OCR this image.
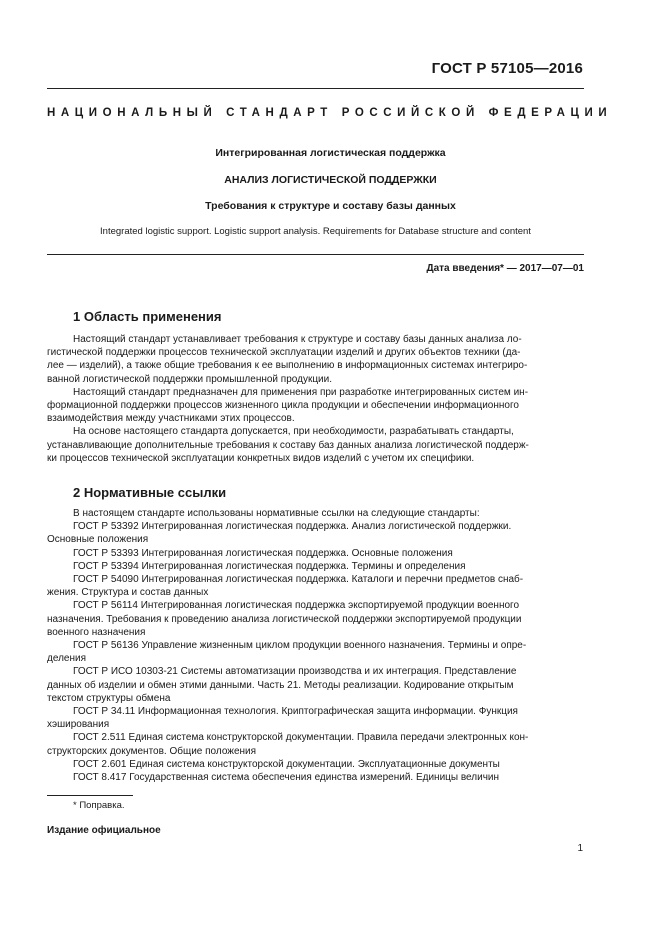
ГОСТ Р 57105—2016
НАЦИОНАЛЬНЫЙ СТАНДАРТ РОССИЙСКОЙ ФЕДЕРАЦИИ
Интегрированная логистическая поддержка
АНАЛИЗ ЛОГИСТИЧЕСКОЙ ПОДДЕРЖКИ
Требования к структуре и составу базы данных
Integrated logistic support. Logistic support analysis. Requirements for Database structure and content
Дата введения* — 2017—07—01
1 Область применения
Настоящий стандарт устанавливает требования к структуре и составу базы данных анализа ло-
гистической поддержки процессов технической эксплуатации изделий и других объектов техники (да-
лее — изделий), а также общие требования к ее выполнению в информационных системах интегриро-
ванной логистической поддержки промышленной продукции.
Настоящий стандарт предназначен для применения при разработке интегрированных систем ин-
формационной поддержки процессов жизненного цикла продукции и обеспечении информационного
взаимодействия между участниками этих процессов.
На основе настоящего стандарта допускается, при необходимости, разрабатывать стандарты,
устанавливающие дополнительные требования к составу баз данных анализа логистической поддерж-
ки процессов технической эксплуатации конкретных видов изделий с учетом их специфики.
2 Нормативные ссылки
В настоящем стандарте использованы нормативные ссылки на следующие стандарты:
ГОСТ Р 53392 Интегрированная логистическая поддержка. Анализ логистической поддержки.
Основные положения
ГОСТ Р 53393 Интегрированная логистическая поддержка. Основные положения
ГОСТ Р 53394 Интегрированная логистическая поддержка. Термины и определения
ГОСТ Р 54090 Интегрированная логистическая поддержка. Каталоги и перечни предметов снаб-
жения. Структура и состав данных
ГОСТ Р 56114 Интегрированная логистическая поддержка экспортируемой продукции военного
назначения. Требования к проведению анализа логистической поддержки экспортируемой продукции
военного назначения
ГОСТ Р 56136 Управление жизненным циклом продукции военного назначения. Термины и опре-
деления
ГОСТ Р ИСО 10303-21 Системы автоматизации производства и их интеграция. Представление
данных об изделии и обмен этими данными. Часть 21. Методы реализации. Кодирование открытым
текстом структуры обмена
ГОСТ Р 34.11 Информационная технология. Криптографическая защита информации. Функция
хэширования
ГОСТ 2.511 Единая система конструкторской документации. Правила передачи электронных кон-
структорских документов. Общие положения
ГОСТ 2.601 Единая система конструкторской документации. Эксплуатационные документы
ГОСТ 8.417 Государственная система обеспечения единства измерений. Единицы величин
* Поправка.
Издание официальное
1
